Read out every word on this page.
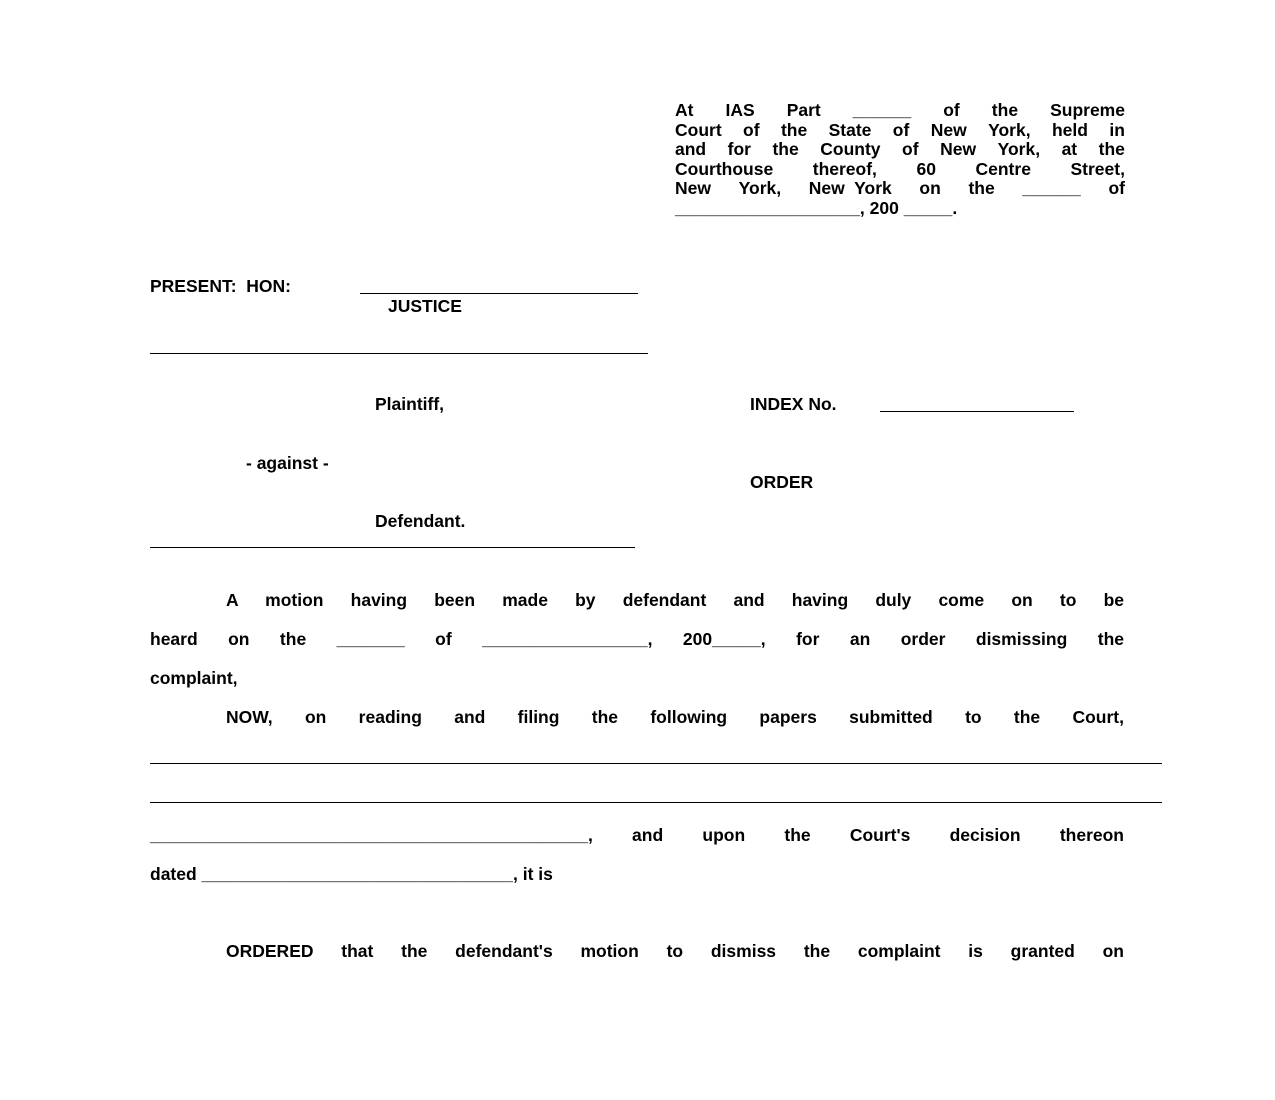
At IAS Part ______ of the Supreme
Court of the State of New York, held in
and for the County of New York, at the
Courthouse thereof, 60 Centre Street,
New York, New  York on the ______ of
___________________, 200 _____.
PRESENT:  HON:
JUSTICE
Plaintiff,	INDEX No.
- against -
ORDER
Defendant.
A motion having been made by defendant and having duly come on to be
heard on the _______ of _________________, 200_____, for an order dismissing the
complaint,
NOW, on reading and filing the following papers submitted to the Court,
_____________________________________________, and upon the Court's decision thereon
dated ________________________________, it is
ORDERED that the defendant's motion to dismiss the complaint is granted on
